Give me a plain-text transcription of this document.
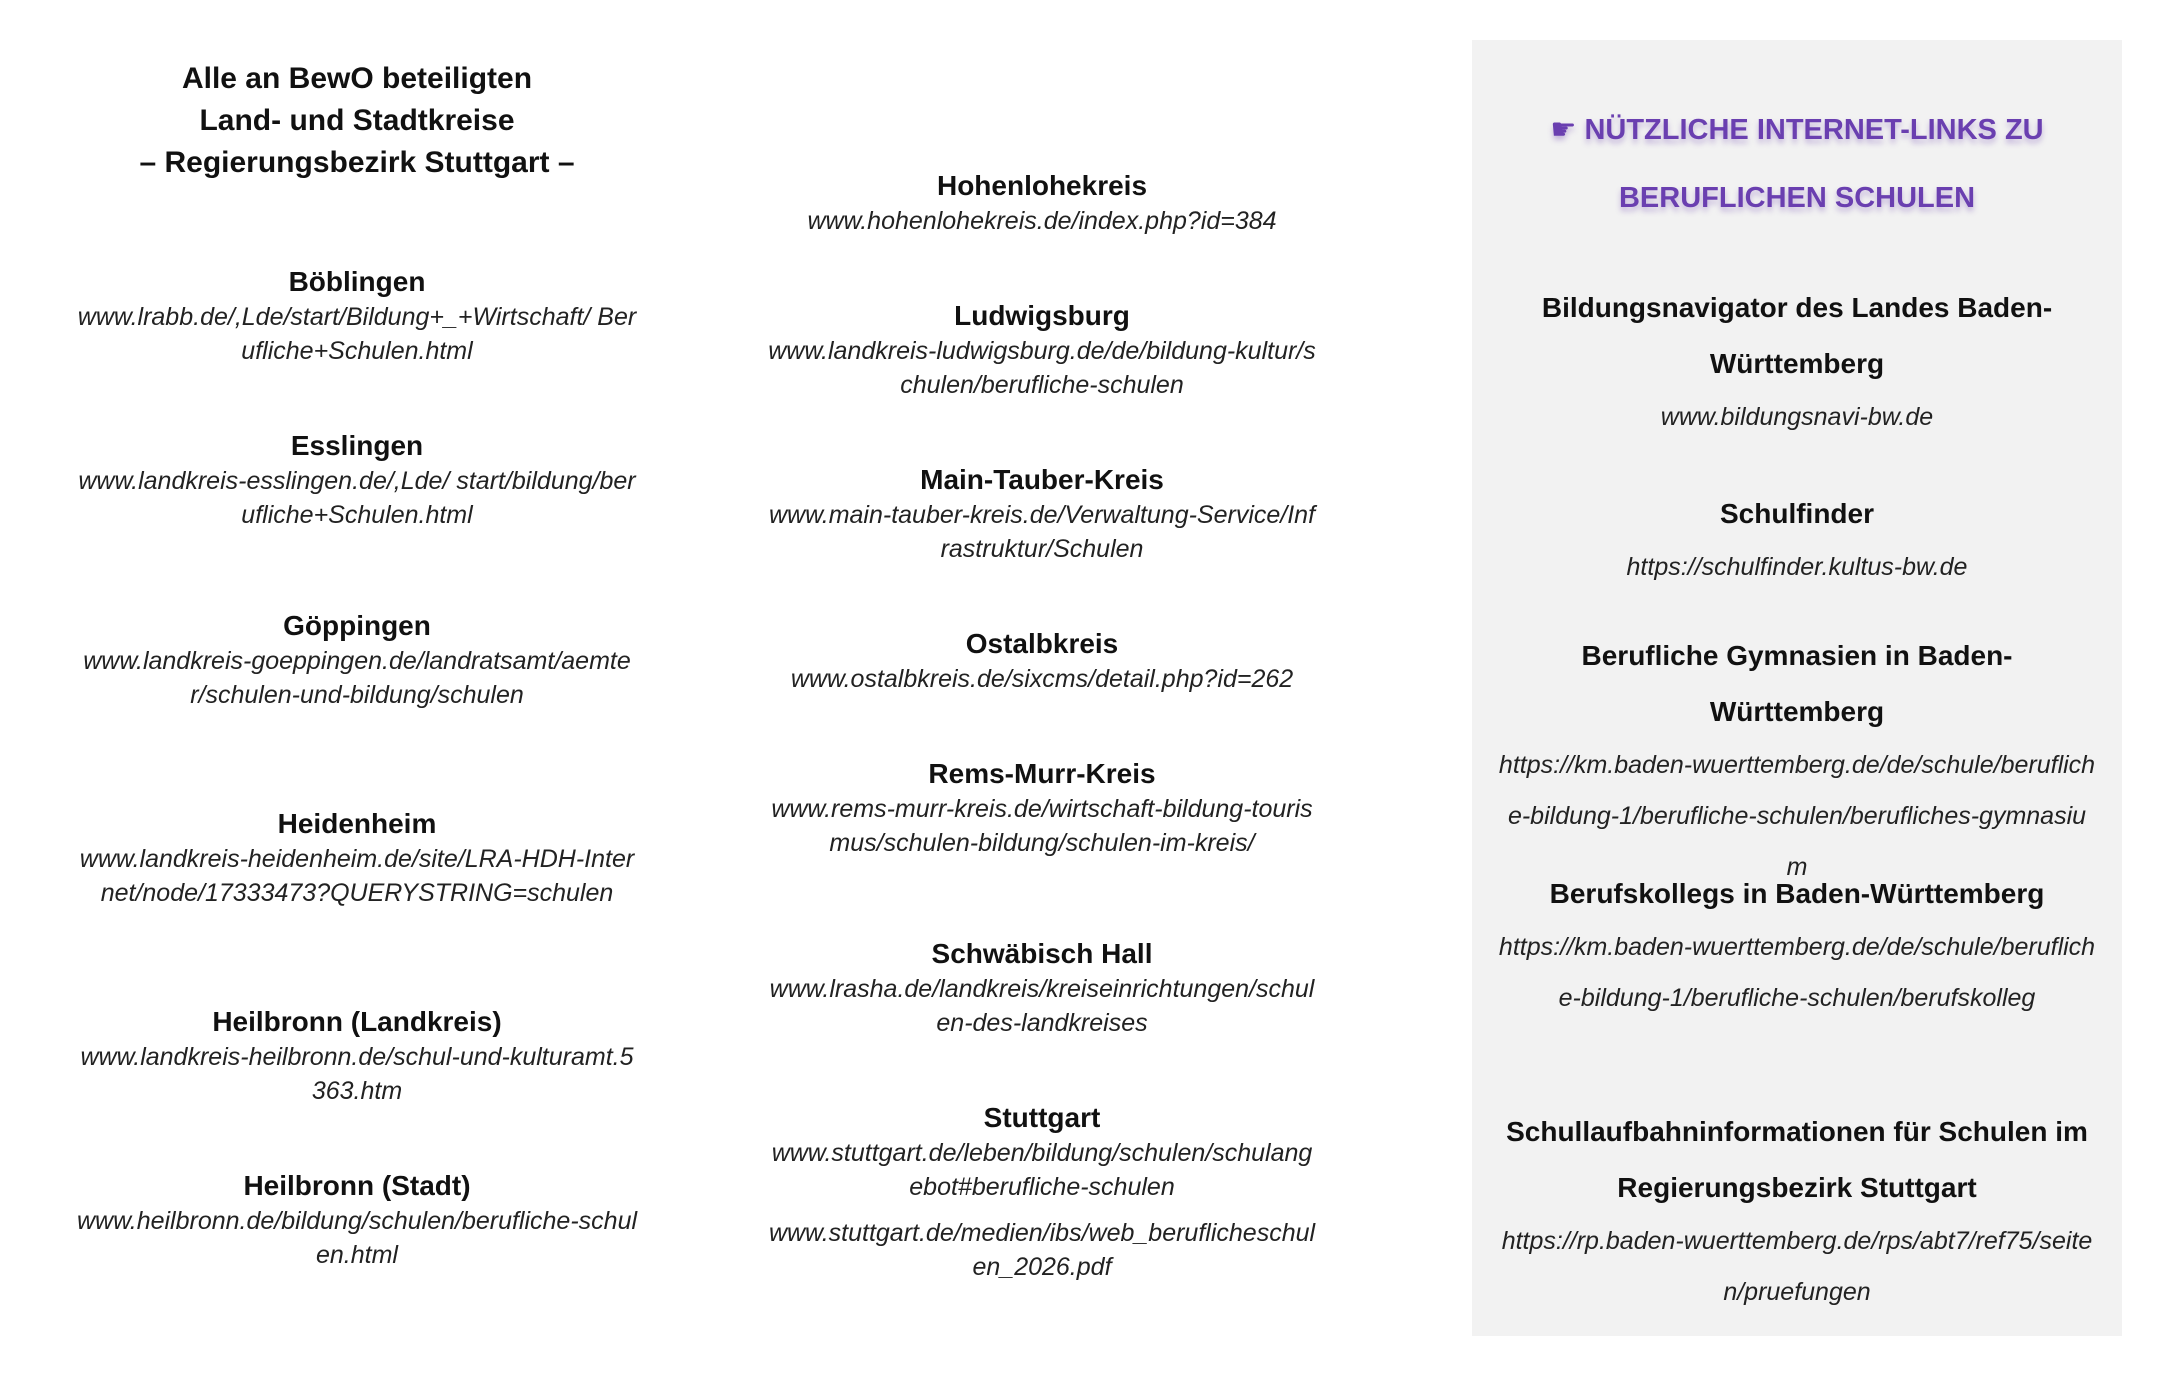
Alle an BewO beteiligten
Land- und Stadtkreise
– Regierungsbezirk Stuttgart –
Böblingen
www.lrabb.de/,Lde/start/Bildung+_+Wirtschaft/ Berufliche+Schulen.html
Esslingen
www.landkreis-esslingen.de/,Lde/ start/bildung/berufliche+Schulen.html
Göppingen
www.landkreis-goeppingen.de/landratsamt/aemter/schulen-und-bildung/schulen
Heidenheim
www.landkreis-heidenheim.de/site/LRA-HDH-Internet/node/17333473?QUERYSTRING=schulen
Heilbronn (Landkreis)
www.landkreis-heilbronn.de/schul-und-kulturamt.5363.htm
Heilbronn (Stadt)
www.heilbronn.de/bildung/schulen/berufliche-schulen.html
Hohenlohekreis
www.hohenlohekreis.de/index.php?id=384
Ludwigsburg
www.landkreis-ludwigsburg.de/de/bildung-kultur/schulen/berufliche-schulen
Main-Tauber-Kreis
www.main-tauber-kreis.de/Verwaltung-Service/Infrastruktur/Schulen
Ostalbkreis
www.ostalbkreis.de/sixcms/detail.php?id=262
Rems-Murr-Kreis
www.rems-murr-kreis.de/wirtschaft-bildung-tourismus/schulen-bildung/schulen-im-kreis/
Schwäbisch Hall
www.lrasha.de/landkreis/kreiseinrichtungen/schulen-des-landkreises
Stuttgart
www.stuttgart.de/leben/bildung/schulen/schulangebot#berufliche-schulen
www.stuttgart.de/medien/ibs/web_beruflicheschulen_2026.pdf
☛ NÜTZLICHE INTERNET-LINKS ZU
BERUFLICHEN SCHULEN
Bildungsnavigator des Landes Baden-Württemberg
www.bildungsnavi-bw.de
Schulfinder
https://schulfinder.kultus-bw.de
Berufliche Gymnasien in Baden-Württemberg
https://km.baden-wuerttemberg.de/de/schule/berufliche-bildung-1/berufliche-schulen/berufliches-gymnasium
Berufskollegs in Baden-Württemberg
https://km.baden-wuerttemberg.de/de/schule/berufliche-bildung-1/berufliche-schulen/berufskolleg
Schullaufbahninformationen für Schulen im Regierungsbezirk Stuttgart
https://rp.baden-wuerttemberg.de/rps/abt7/ref75/seiten/pruefungen
